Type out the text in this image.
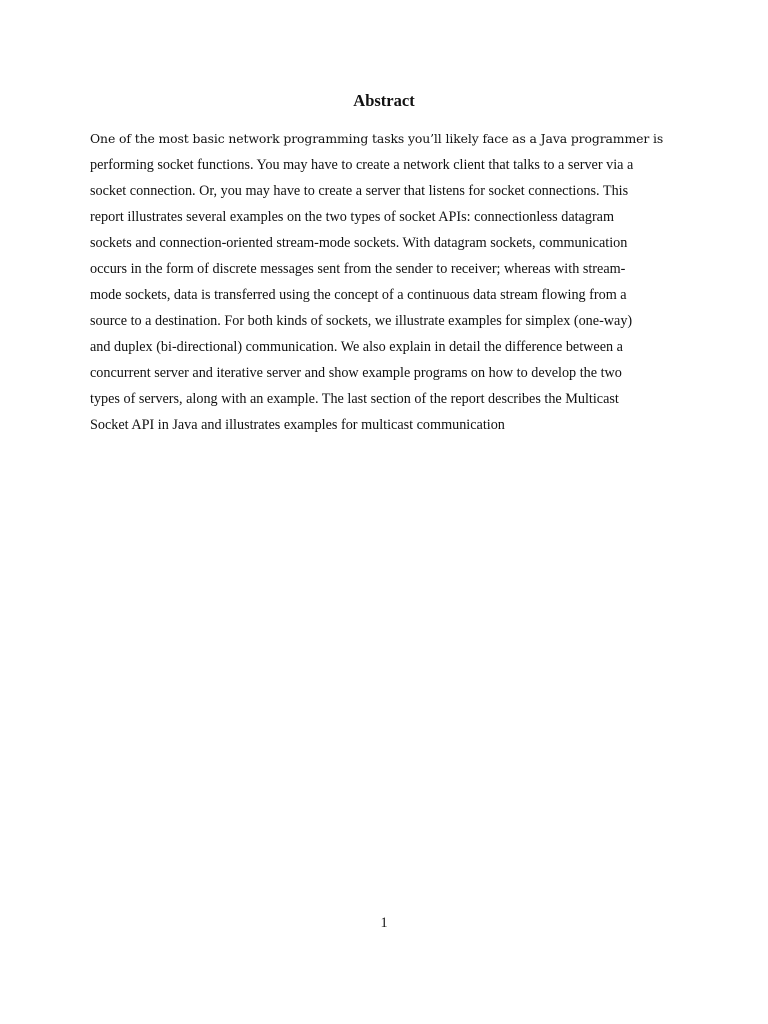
Abstract
One of the most basic network programming tasks you’ll likely face as a Java programmer is
performing socket functions. You may have to create a network client that talks to a server via a
socket connection. Or, you may have to create a server that listens for socket connections. This
report illustrates several examples on the two types of socket APIs: connectionless datagram
sockets and connection-oriented stream-mode sockets. With datagram sockets, communication
occurs in the form of discrete messages sent from the sender to receiver; whereas with stream-
mode sockets, data is transferred using the concept of a continuous data stream flowing from a
source to a destination. For both kinds of sockets, we illustrate examples for simplex (one-way)
and duplex (bi-directional) communication. We also explain in detail the difference between a
concurrent server and iterative server and show example programs on how to develop the two
types of servers, along with an example. The last section of the report describes the Multicast
Socket API in Java and illustrates examples for multicast communication
1
